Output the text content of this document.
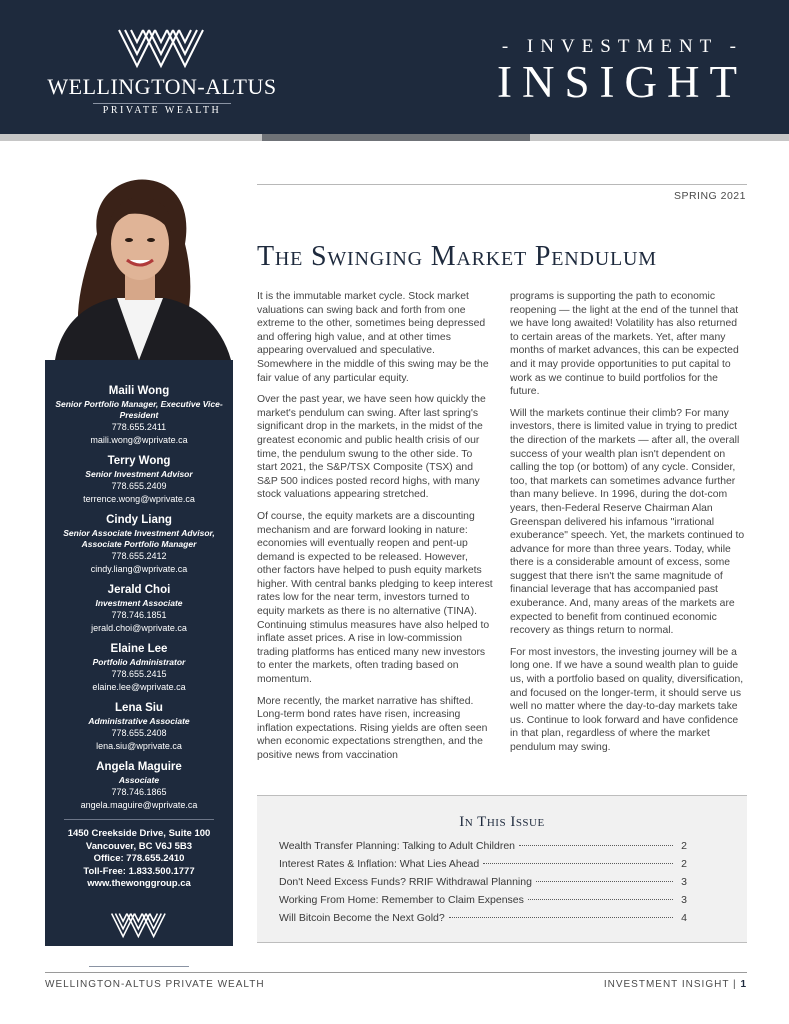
WELLINGTON-ALTUS
PRIVATE WEALTH
- INVESTMENT -
INSIGHT
Maili Wong
Senior Portfolio Manager, Executive Vice-President
778.655.2411
maili.wong@wprivate.ca
Terry Wong
Senior Investment Advisor
778.655.2409
terrence.wong@wprivate.ca
Cindy Liang
Senior Associate Investment Advisor, Associate Portfolio Manager
778.655.2412
cindy.liang@wprivate.ca
Jerald Choi
Investment Associate
778.746.1851
jerald.choi@wprivate.ca
Elaine Lee
Portfolio Administrator
778.655.2415
elaine.lee@wprivate.ca
Lena Siu
Administrative Associate
778.655.2408
lena.siu@wprivate.ca
Angela Maguire
Associate
778.746.1865
angela.maguire@wprivate.ca
1450 Creekside Drive, Suite 100
Vancouver, BC V6J 5B3
Office: 778.655.2410
Toll-Free: 1.833.500.1777
www.thewonggroup.ca
WELLINGTON-ALTUS
SPRING 2021
The Swinging Market Pendulum

It is the immutable market cycle. Stock market valuations can swing back and forth from one extreme to the other, sometimes being depressed and offering high value, and at other times appearing overvalued and speculative. Somewhere in the middle of this swing may be the fair value of any particular equity.

Over the past year, we have seen how quickly the market's pendulum can swing. After last spring's significant drop in the markets, in the midst of the greatest economic and public health crisis of our time, the pendulum swung to the other side. To start 2021, the S&P/TSX Composite (TSX) and S&P 500 indices posted record highs, with many stock valuations appearing stretched.

Of course, the equity markets are a discounting mechanism and are forward looking in nature: economies will eventually reopen and pent-up demand is expected to be released. However, other factors have helped to push equity markets higher. With central banks pledging to keep interest rates low for the near term, investors turned to equity markets as there is no alternative (TINA). Continuing stimulus measures have also helped to inflate asset prices. A rise in low-commission trading platforms has enticed many new investors to enter the markets, often trading based on momentum.

More recently, the market narrative has shifted. Long-term bond rates have risen, increasing inflation expectations. Rising yields are often seen when economic expectations strengthen, and the positive news from vaccination

programs is supporting the path to economic reopening — the light at the end of the tunnel that we have long awaited! Volatility has also returned to certain areas of the markets. Yet, after many months of market advances, this can be expected and it may provide opportunities to put capital to work as we continue to build portfolios for the future.

Will the markets continue their climb? For many investors, there is limited value in trying to predict the direction of the markets — after all, the overall success of your wealth plan isn't dependent on calling the top (or bottom) of any cycle. Consider, too, that markets can sometimes advance further than many believe. In 1996, during the dot-com years, then-Federal Reserve Chairman Alan Greenspan delivered his infamous "irrational exuberance" speech. Yet, the markets continued to advance for more than three years. Today, while there is a considerable amount of excess, some suggest that there isn't the same magnitude of financial leverage that has accompanied past exuberance. And, many areas of the markets are expected to benefit from continued economic recovery as things return to normal.

For most investors, the investing journey will be a long one. If we have a sound wealth plan to guide us, with a portfolio based on quality, diversification, and focused on the longer-term, it should serve us well no matter where the day-to-day markets take us. Continue to look forward and have confidence in that plan, regardless of where the market pendulum may swing.

In This Issue
Wealth Transfer Planning: Talking to Adult Children	2
Interest Rates & Inflation: What Lies Ahead	2
Don't Need Excess Funds? RRIF Withdrawal Planning	3
Working From Home: Remember to Claim Expenses	3
Will Bitcoin Become the Next Gold?	4
WELLINGTON-ALTUS PRIVATE WEALTH	INVESTMENT INSIGHT | 1
